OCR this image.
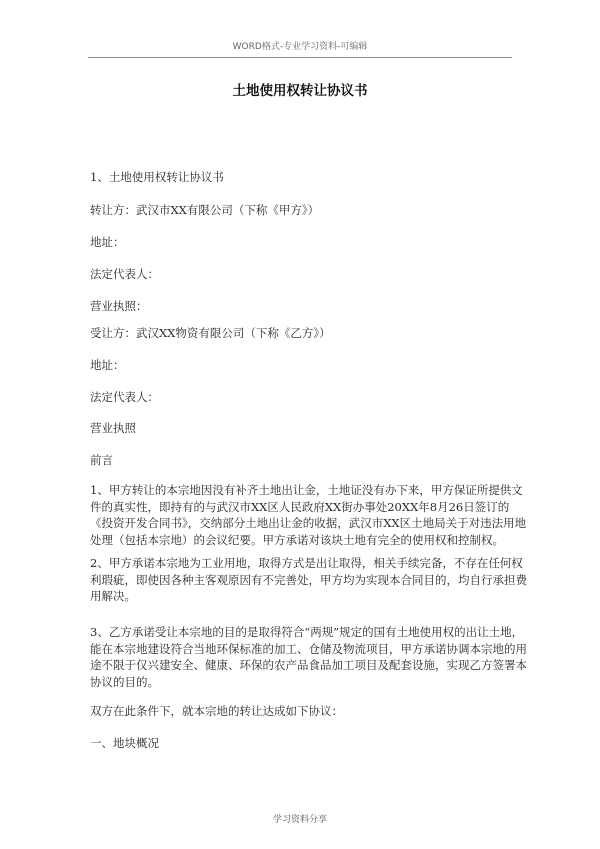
WORD格式-专业学习资料-可编辑
土地使用权转让协议书
1、土地使用权转让协议书
转让方：武汉市XX有限公司（下称《甲方》）
地址：
法定代表人：
营业执照：
受让方：武汉XX物资有限公司（下称《乙方》）
地址：
法定代表人：
营业执照
前言
1、甲方转让的本宗地因没有补齐土地出让金，土地证没有办下来，甲方保证所提供文
件的真实性，即持有的与武汉市XX区人民政府XX街办事处20XX年8月26日签订的
《投资开发合同书》，交纳部分土地出让金的收据，武汉市XX区土地局关于对违法用地
处理（包括本宗地）的会议纪要。甲方承诺对该块土地有完全的使用权和控制权。
2、甲方承诺本宗地为工业用地，取得方式是出让取得，相关手续完备，不存在任何权
利瑕疵，即使因各种主客观原因有不完善处，甲方均为实现本合同目的，均自行承担费
用解决。
3、乙方承诺受让本宗地的目的是取得符合“两规”规定的国有土地使用权的出让土地，
能在本宗地建设符合当地环保标准的加工、仓储及物流项目，甲方承诺协调本宗地的用
途不限于仅兴建安全、健康、环保的农产品食品加工项目及配套设施，实现乙方签署本
协议的目的。
双方在此条件下，就本宗地的转让达成如下协议：
一、地块概况
学习资料分享
